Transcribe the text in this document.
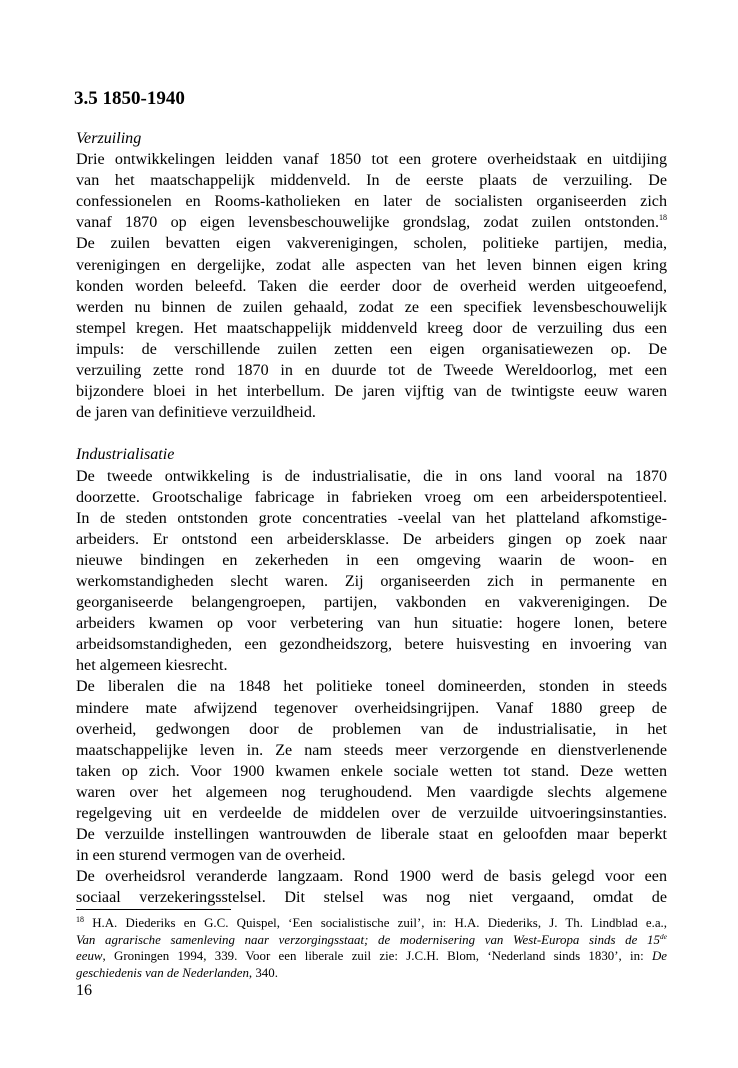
3.5 1850-1940
Verzuiling
Drie ontwikkelingen leidden vanaf 1850 tot een grotere overheidstaak en uitdijing
van het maatschappelijk middenveld. In de eerste plaats de verzuiling. De
confessionelen en Rooms-katholieken en later de socialisten organiseerden zich
vanaf 1870 op eigen levensbeschouwelijke grondslag, zodat zuilen ontstonden.$^{18}$
De zuilen bevatten eigen vakverenigingen, scholen, politieke partijen, media,
verenigingen en dergelijke, zodat alle aspecten van het leven binnen eigen kring
konden worden beleefd. Taken die eerder door de overheid werden uitgeoefend,
werden nu binnen de zuilen gehaald, zodat ze een specifiek levensbeschouwelijk
stempel kregen. Het maatschappelijk middenveld kreeg door de verzuiling dus een
impuls: de verschillende zuilen zetten een eigen organisatiewezen op. De
verzuiling zette rond 1870 in en duurde tot de Tweede Wereldoorlog, met een
bijzondere bloei in het interbellum. De jaren vijftig van de twintigste eeuw waren
de jaren van definitieve verzuildheid.
Industrialisatie
De tweede ontwikkeling is de industrialisatie, die in ons land vooral na 1870
doorzette. Grootschalige fabricage in fabrieken vroeg om een arbeiderspotentieel.
In de steden ontstonden grote concentraties -veelal van het platteland afkomstige-
arbeiders. Er ontstond een arbeidersklasse. De arbeiders gingen op zoek naar
nieuwe bindingen en zekerheden in een omgeving waarin de woon- en
werkomstandigheden slecht waren. Zij organiseerden zich in permanente en
georganiseerde belangengroepen, partijen, vakbonden en vakverenigingen. De
arbeiders kwamen op voor verbetering van hun situatie: hogere lonen, betere
arbeidsomstandigheden, een gezondheidszorg, betere huisvesting en invoering van
het algemeen kiesrecht.
De liberalen die na 1848 het politieke toneel domineerden, stonden in steeds
mindere mate afwijzend tegenover overheidsingrijpen. Vanaf 1880 greep de
overheid, gedwongen door de problemen van de industrialisatie, in het
maatschappelijke leven in. Ze nam steeds meer verzorgende en dienstverlenende
taken op zich. Voor 1900 kwamen enkele sociale wetten tot stand. Deze wetten
waren over het algemeen nog terughoudend. Men vaardigde slechts algemene
regelgeving uit en verdeelde de middelen over de verzuilde uitvoeringsinstanties.
De verzuilde instellingen wantrouwden de liberale staat en geloofden maar beperkt
in een sturend vermogen van de overheid.
De overheidsrol veranderde langzaam. Rond 1900 werd de basis gelegd voor een
sociaal verzekeringsstelsel. Dit stelsel was nog niet vergaand, omdat de
$^{18}$ H.A. Diederiks en G.C. Quispel, ‘Een socialistische zuil’, in: H.A. Diederiks, J. Th. Lindblad e.a.,
Van agrarische samenleving naar verzorgingsstaat; de modernisering van West-Europa sinds de 15de
eeuw, Groningen 1994, 339. Voor een liberale zuil zie: J.C.H. Blom, ‘Nederland sinds 1830’, in: De
geschiedenis van de Nederlanden, 340.
16
